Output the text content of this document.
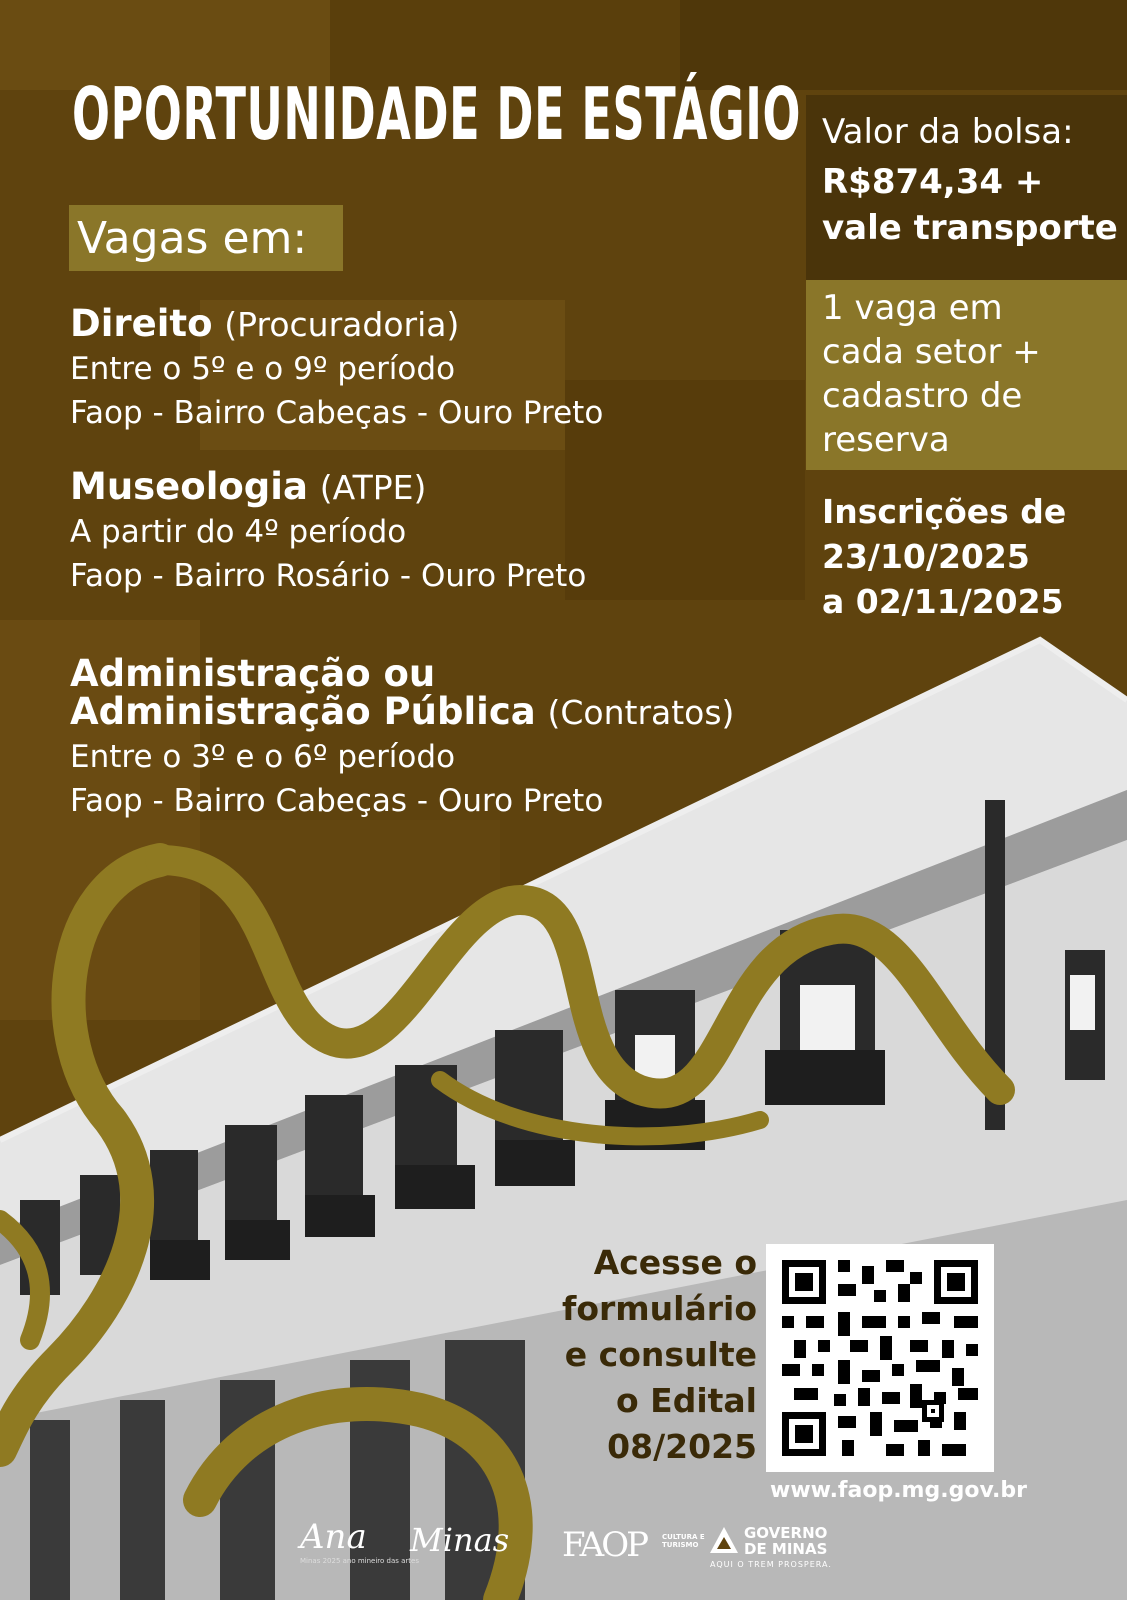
OPORTUNIDADE DE ESTÁGIO
Vagas em:
Direito (Procuradoria)
Entre o 5º e o 9º período
Faop - Bairro Cabeças - Ouro Preto
Museologia (ATPE)
A partir do 4º período
Faop - Bairro Rosário - Ouro Preto
Administração ou
Administração Pública (Contratos)
Entre o 3º e o 6º período
Faop - Bairro Cabeças - Ouro Preto
Valor da bolsa:
R$874,34 +
vale transporte
1 vaga em
cada setor +
cadastro de
reserva
Inscrições de
23/10/2025
a 02/11/2025
Acesse o
formulário
e consulte
o Edital
08/2025
www.faop.mg.gov.br
Ana
Minas 2025 ano mineiro das artes
Minas FAOP CULTURA E TURISMO
GOVERNO
DE MINAS
AQUI O TREM PROSPERA.
